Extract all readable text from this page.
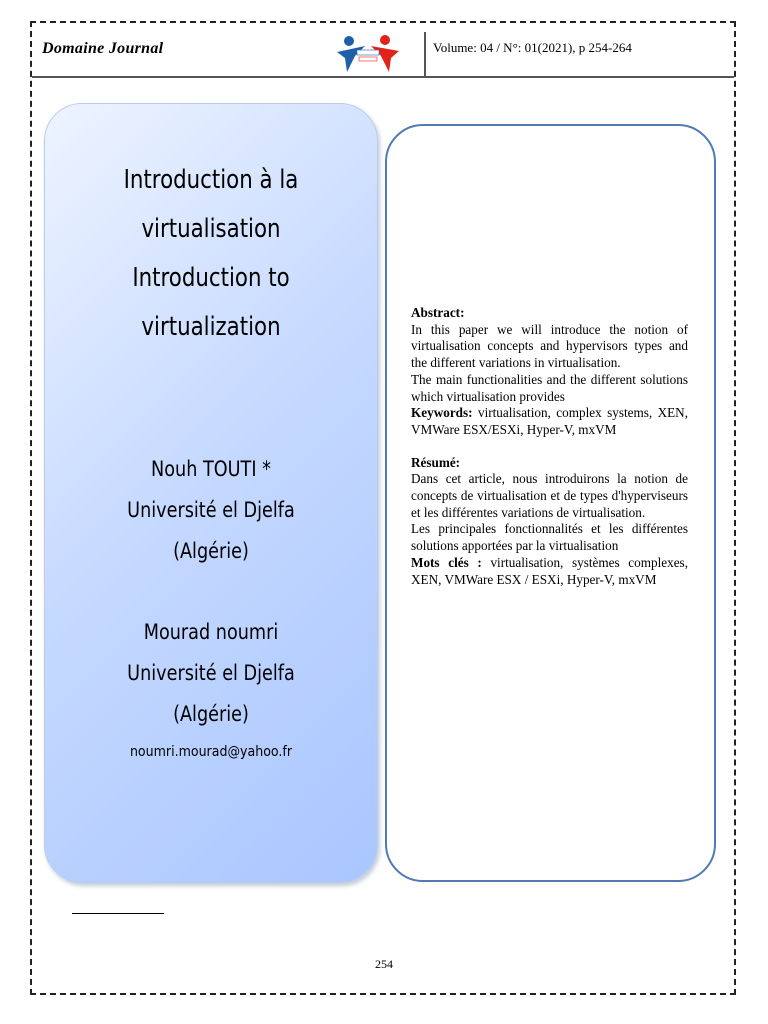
Domaine Journal	Volume: 04 / N°: 01(2021), p 254-264
Introduction à la
virtualisation
Introduction to
virtualization
Nouh TOUTI *
Université el Djelfa
(Algérie)
Mourad noumri
Université el Djelfa
(Algérie)
noumri.mourad@yahoo.fr

Abstract:

In this paper we will introduce the notion of virtualisation concepts and hypervisors types and the different variations in virtualisation.

The main functionalities and the different solutions which virtualisation provides

Keywords: virtualisation, complex systems, XEN, VMWare ESX/ESXi, Hyper-V, mxVM

Résumé:

Dans cet article, nous introduirons la notion de concepts de virtualisation et de types d'hyperviseurs et les différentes variations de virtualisation.

Les principales fonctionnalités et les différentes solutions apportées par la virtualisation

Mots clés : virtualisation, systèmes complexes, XEN, VMWare ESX / ESXi, Hyper-V, mxVM

254
